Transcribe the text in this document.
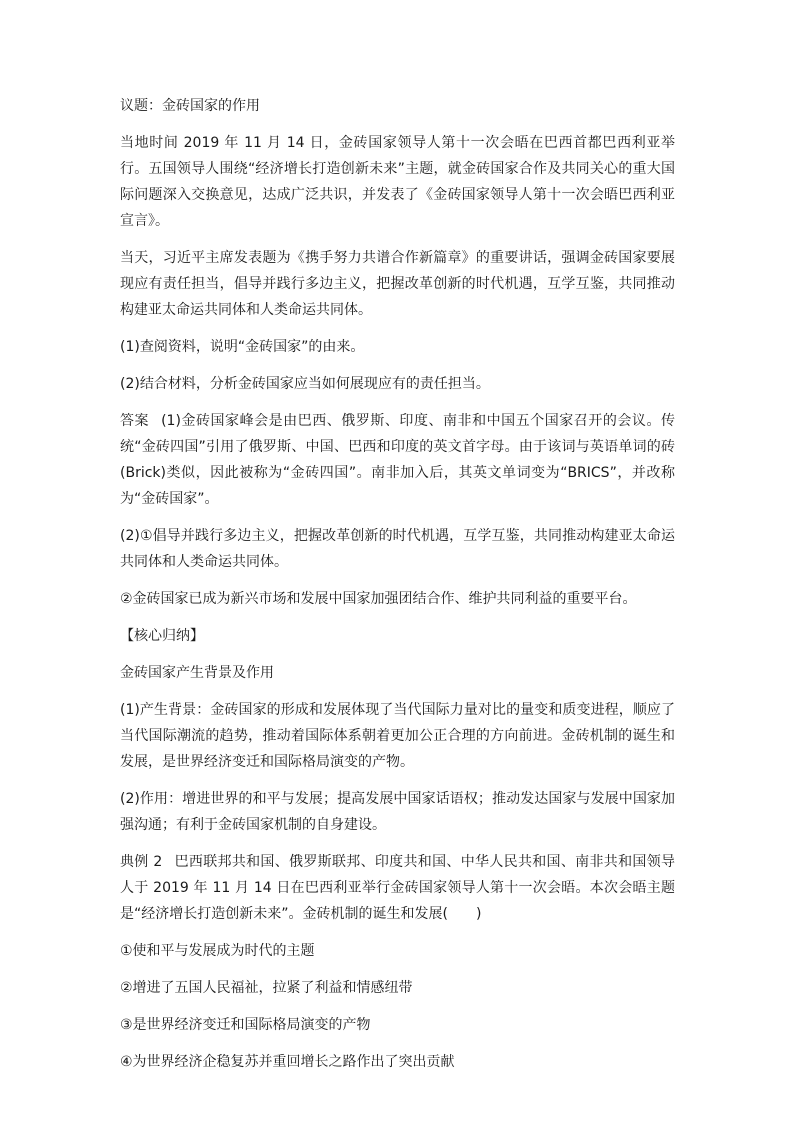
议题：金砖国家的作用

当地时间 2019 年 11 月 14 日，金砖国家领导人第十一次会晤在巴西首都巴西利亚举行。五国领导人围绕“经济增长打造创新未来”主题，就金砖国家合作及共同关心的重大国际问题深入交换意见，达成广泛共识，并发表了《金砖国家领导人第十一次会晤巴西利亚宣言》。

当天，习近平主席发表题为《携手努力共谱合作新篇章》的重要讲话，强调金砖国家要展现应有责任担当，倡导并践行多边主义，把握改革创新的时代机遇，互学互鉴，共同推动构建亚太命运共同体和人类命运共同体。

(1)查阅资料，说明“金砖国家”的由来。

(2)结合材料，分析金砖国家应当如何展现应有的责任担当。

答案 (1)金砖国家峰会是由巴西、俄罗斯、印度、南非和中国五个国家召开的会议。传统“金砖四国”引用了俄罗斯、中国、巴西和印度的英文首字母。由于该词与英语单词的砖(Brick)类似，因此被称为“金砖四国”。南非加入后，其英文单词变为“BRICS”，并改称为“金砖国家”。

(2)①倡导并践行多边主义，把握改革创新的时代机遇，互学互鉴，共同推动构建亚太命运共同体和人类命运共同体。

②金砖国家已成为新兴市场和发展中国家加强团结合作、维护共同利益的重要平台。

【核心归纳】

金砖国家产生背景及作用

(1)产生背景：金砖国家的形成和发展体现了当代国际力量对比的量变和质变进程，顺应了当代国际潮流的趋势，推动着国际体系朝着更加公正合理的方向前进。金砖机制的诞生和发展，是世界经济变迁和国际格局演变的产物。

(2)作用：增进世界的和平与发展；提高发展中国家话语权；推动发达国家与发展中国家加强沟通；有利于金砖国家机制的自身建设。

典例 2 巴西联邦共和国、俄罗斯联邦、印度共和国、中华人民共和国、南非共和国领导人于 2019 年 11 月 14 日在巴西利亚举行金砖国家领导人第十一次会晤。本次会晤主题是“经济增长打造创新未来”。金砖机制的诞生和发展(　　)

①使和平与发展成为时代的主题

②增进了五国人民福祉，拉紧了利益和情感纽带

③是世界经济变迁和国际格局演变的产物

④为世界经济企稳复苏并重回增长之路作出了突出贡献
